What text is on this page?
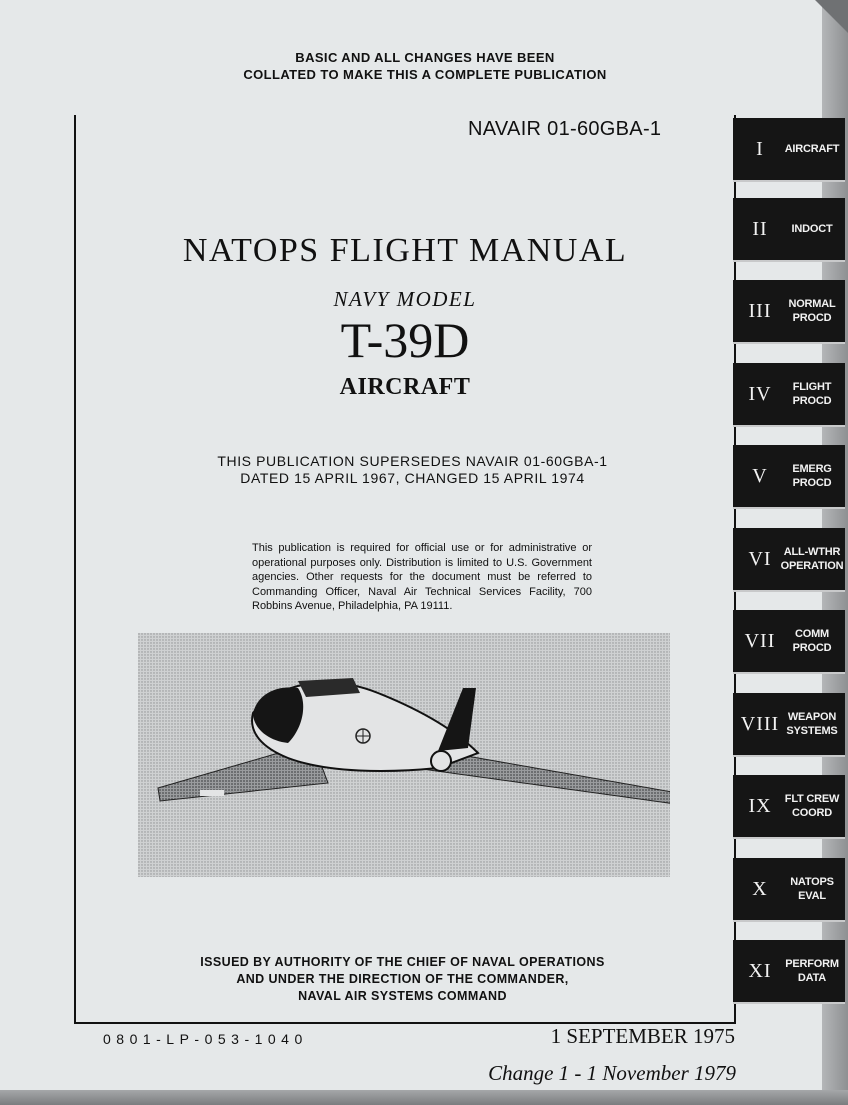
BASIC AND ALL CHANGES HAVE BEEN
COLLATED TO MAKE THIS A COMPLETE PUBLICATION
NAVAIR 01-60GBA-1
NATOPS FLIGHT MANUAL
NAVY MODEL
T-39D
AIRCRAFT
THIS PUBLICATION SUPERSEDES NAVAIR 01-60GBA-1
DATED 15 APRIL 1967, CHANGED 15 APRIL 1974
This publication is required for official use or for administrative or operational purposes only. Distribution is limited to U.S. Government agencies. Other requests for the document must be referred to Commanding Officer, Naval Air Technical Services Facility, 700 Robbins Avenue, Philadelphia, PA 19111.
ISSUED BY AUTHORITY OF THE CHIEF OF NAVAL OPERATIONS
AND UNDER THE DIRECTION OF THE COMMANDER,
NAVAL AIR SYSTEMS COMMAND
0801-LP-053-1040	1 SEPTEMBER 1975
Change 1 - 1 November 1979
I	AIRCRAFT
II	INDOCT
III	NORMAL
PROCD
IV	FLIGHT
PROCD
V	EMERG
PROCD
VI	ALL-WTHR
OPERATION
VII	COMM
PROCD
VIII WEAPON
SYSTEMS
IX	FLT CREW
COORD
X	NATOPS
EVAL
XI	PERFORM
DATA
